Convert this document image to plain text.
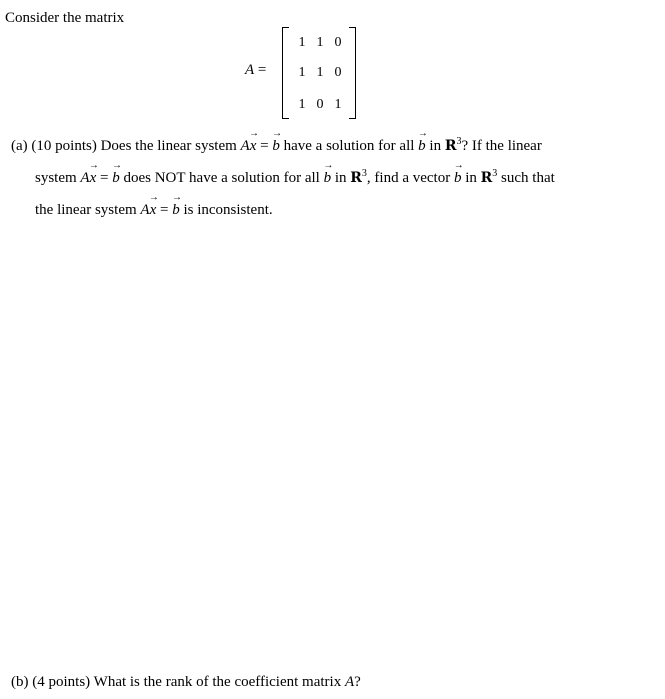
Consider the matrix
A =
1 1 0
1 1 0
1 0 1
(a) (10 points) Does the linear system A→ x = → b have a solution for all → b in $R^3$? If the linear
system A→ x = → b does NOT have a solution for all → b in $R^3$, find a vector → b in $R^3$ such that
the linear system A→ x = → b is inconsistent.
(b) (4 points) What is the rank of the coefficient matrix A?
